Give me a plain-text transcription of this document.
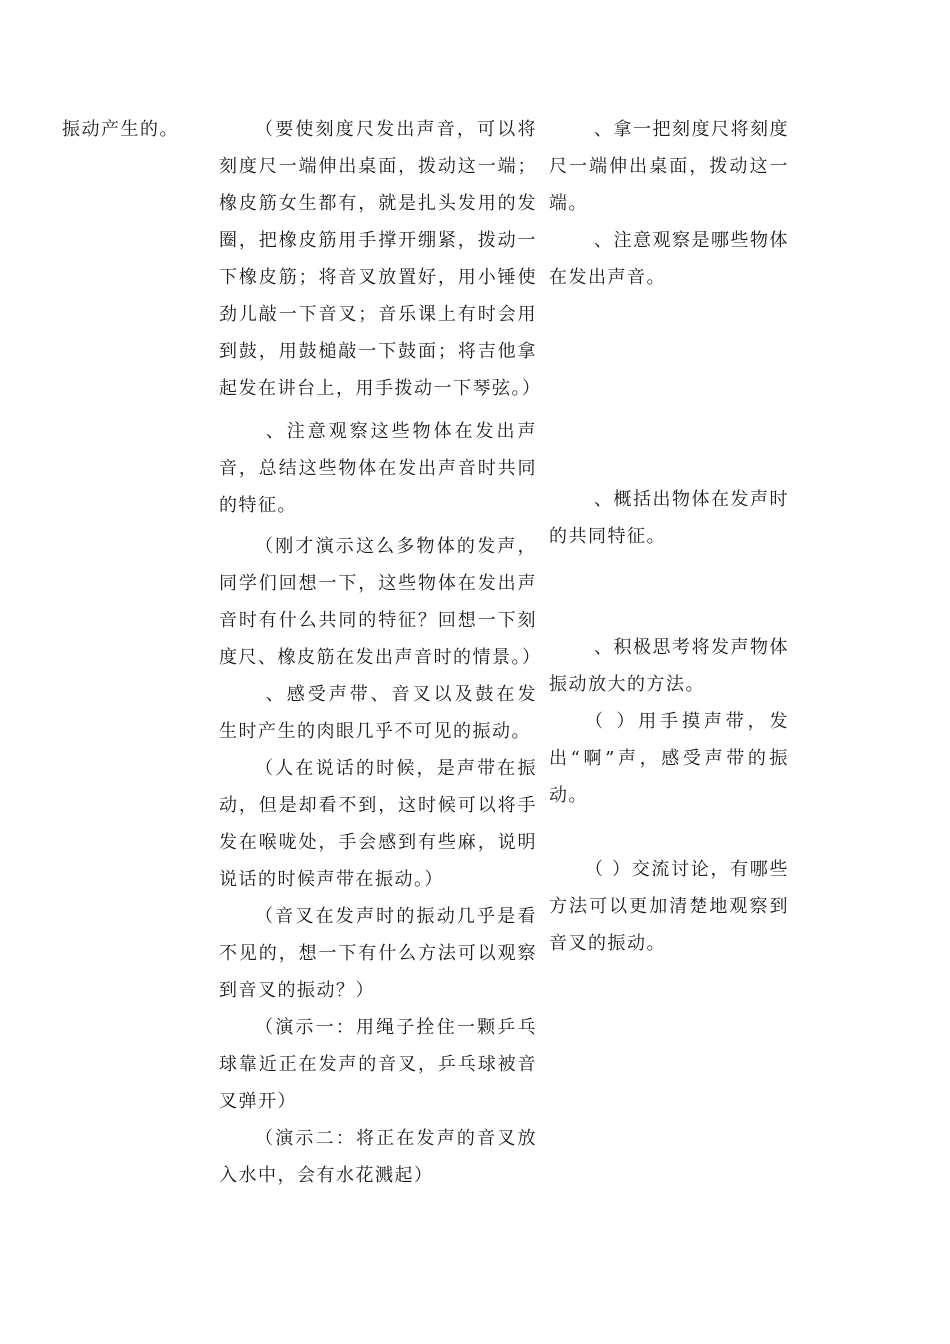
振动产生的。	（要使刻度尺发出声音，可以将刻度尺一端伸出桌面，拨动这一端；橡皮筋女生都有，就是扎头发用的发圈，把橡皮筋用手撑开绷紧，拨动一下橡皮筋；将音叉放置好，用小锤使劲儿敲一下音叉；音乐课上有时会用到鼓，用鼓槌敲一下鼓面；将吉他拿起发在讲台上，用手拨动一下琴弦。）

、注意观察这些物体在发出声音，总结这些物体在发出声音时共同的特征。

（刚才演示这么多物体的发声，同学们回想一下，这些物体在发出声音时有什么共同的特征？回想一下刻度尺、橡皮筋在发出声音时的情景。）

、感受声带、音叉以及鼓在发生时产生的肉眼几乎不可见的振动。

（人在说话的时候，是声带在振动，但是却看不到，这时候可以将手发在喉咙处，手会感到有些麻，说明说话的时候声带在振动。）

（音叉在发声时的振动几乎是看不见的，想一下有什么方法可以观察到音叉的振动？）

（演示一：用绳子拴住一颗乒乓球靠近正在发声的音叉，乒乓球被音叉弹开）

（演示二：将正在发声的音叉放入水中，会有水花溅起）

、拿一把刻度尺将刻度尺一端伸出桌面，拨动这一端。

、注意观察是哪些物体在发出声音。

、概括出物体在发声时的共同特征。

、积极思考将发声物体振动放大的方法。

（ ）用手摸声带，发出“啊”声，感受声带的振动。

（ ）交流讨论，有哪些方法可以更加清楚地观察到音叉的振动。
